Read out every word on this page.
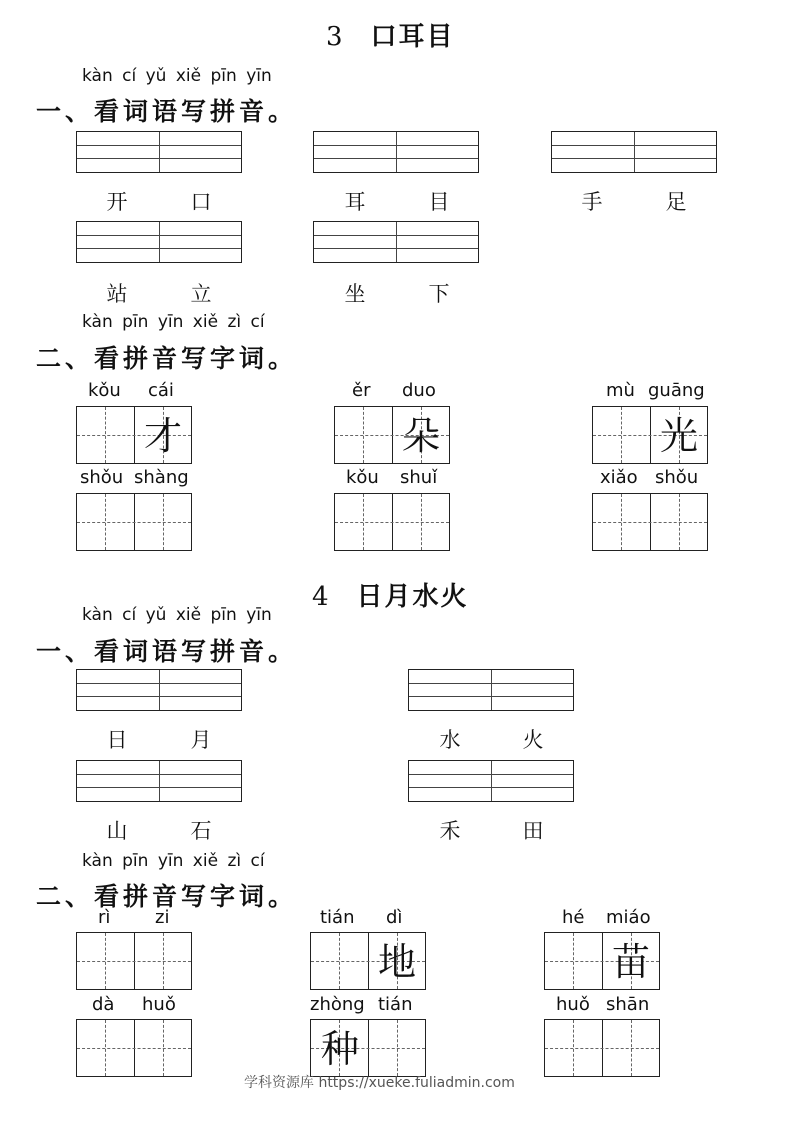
3 口耳目
kàn cí yǔ xiě pīn yīn
一、看词语写拼音。
开	口	耳	目	手	足
站	立	坐	下
kàn pīn yīn xiě zì cí
二、看拼音写字词。
kǒu cái
才
ěr duo
朵
mù guāng
光
shǒu shàng	kǒu shuǐ	xiǎo shǒu
4 日月水火
kàn cí yǔ xiě pīn yīn
一、看词语写拼音。
日	月	水	火
山	石	禾	田
kàn pīn yīn xiě zì cí
二、看拼音写字词。
rì zi	tián dì
地
hé miáo
苗
dà huǒ	zhòng tián
种
huǒ shān
学科资源库 https://xueke.fuliadmin.com
